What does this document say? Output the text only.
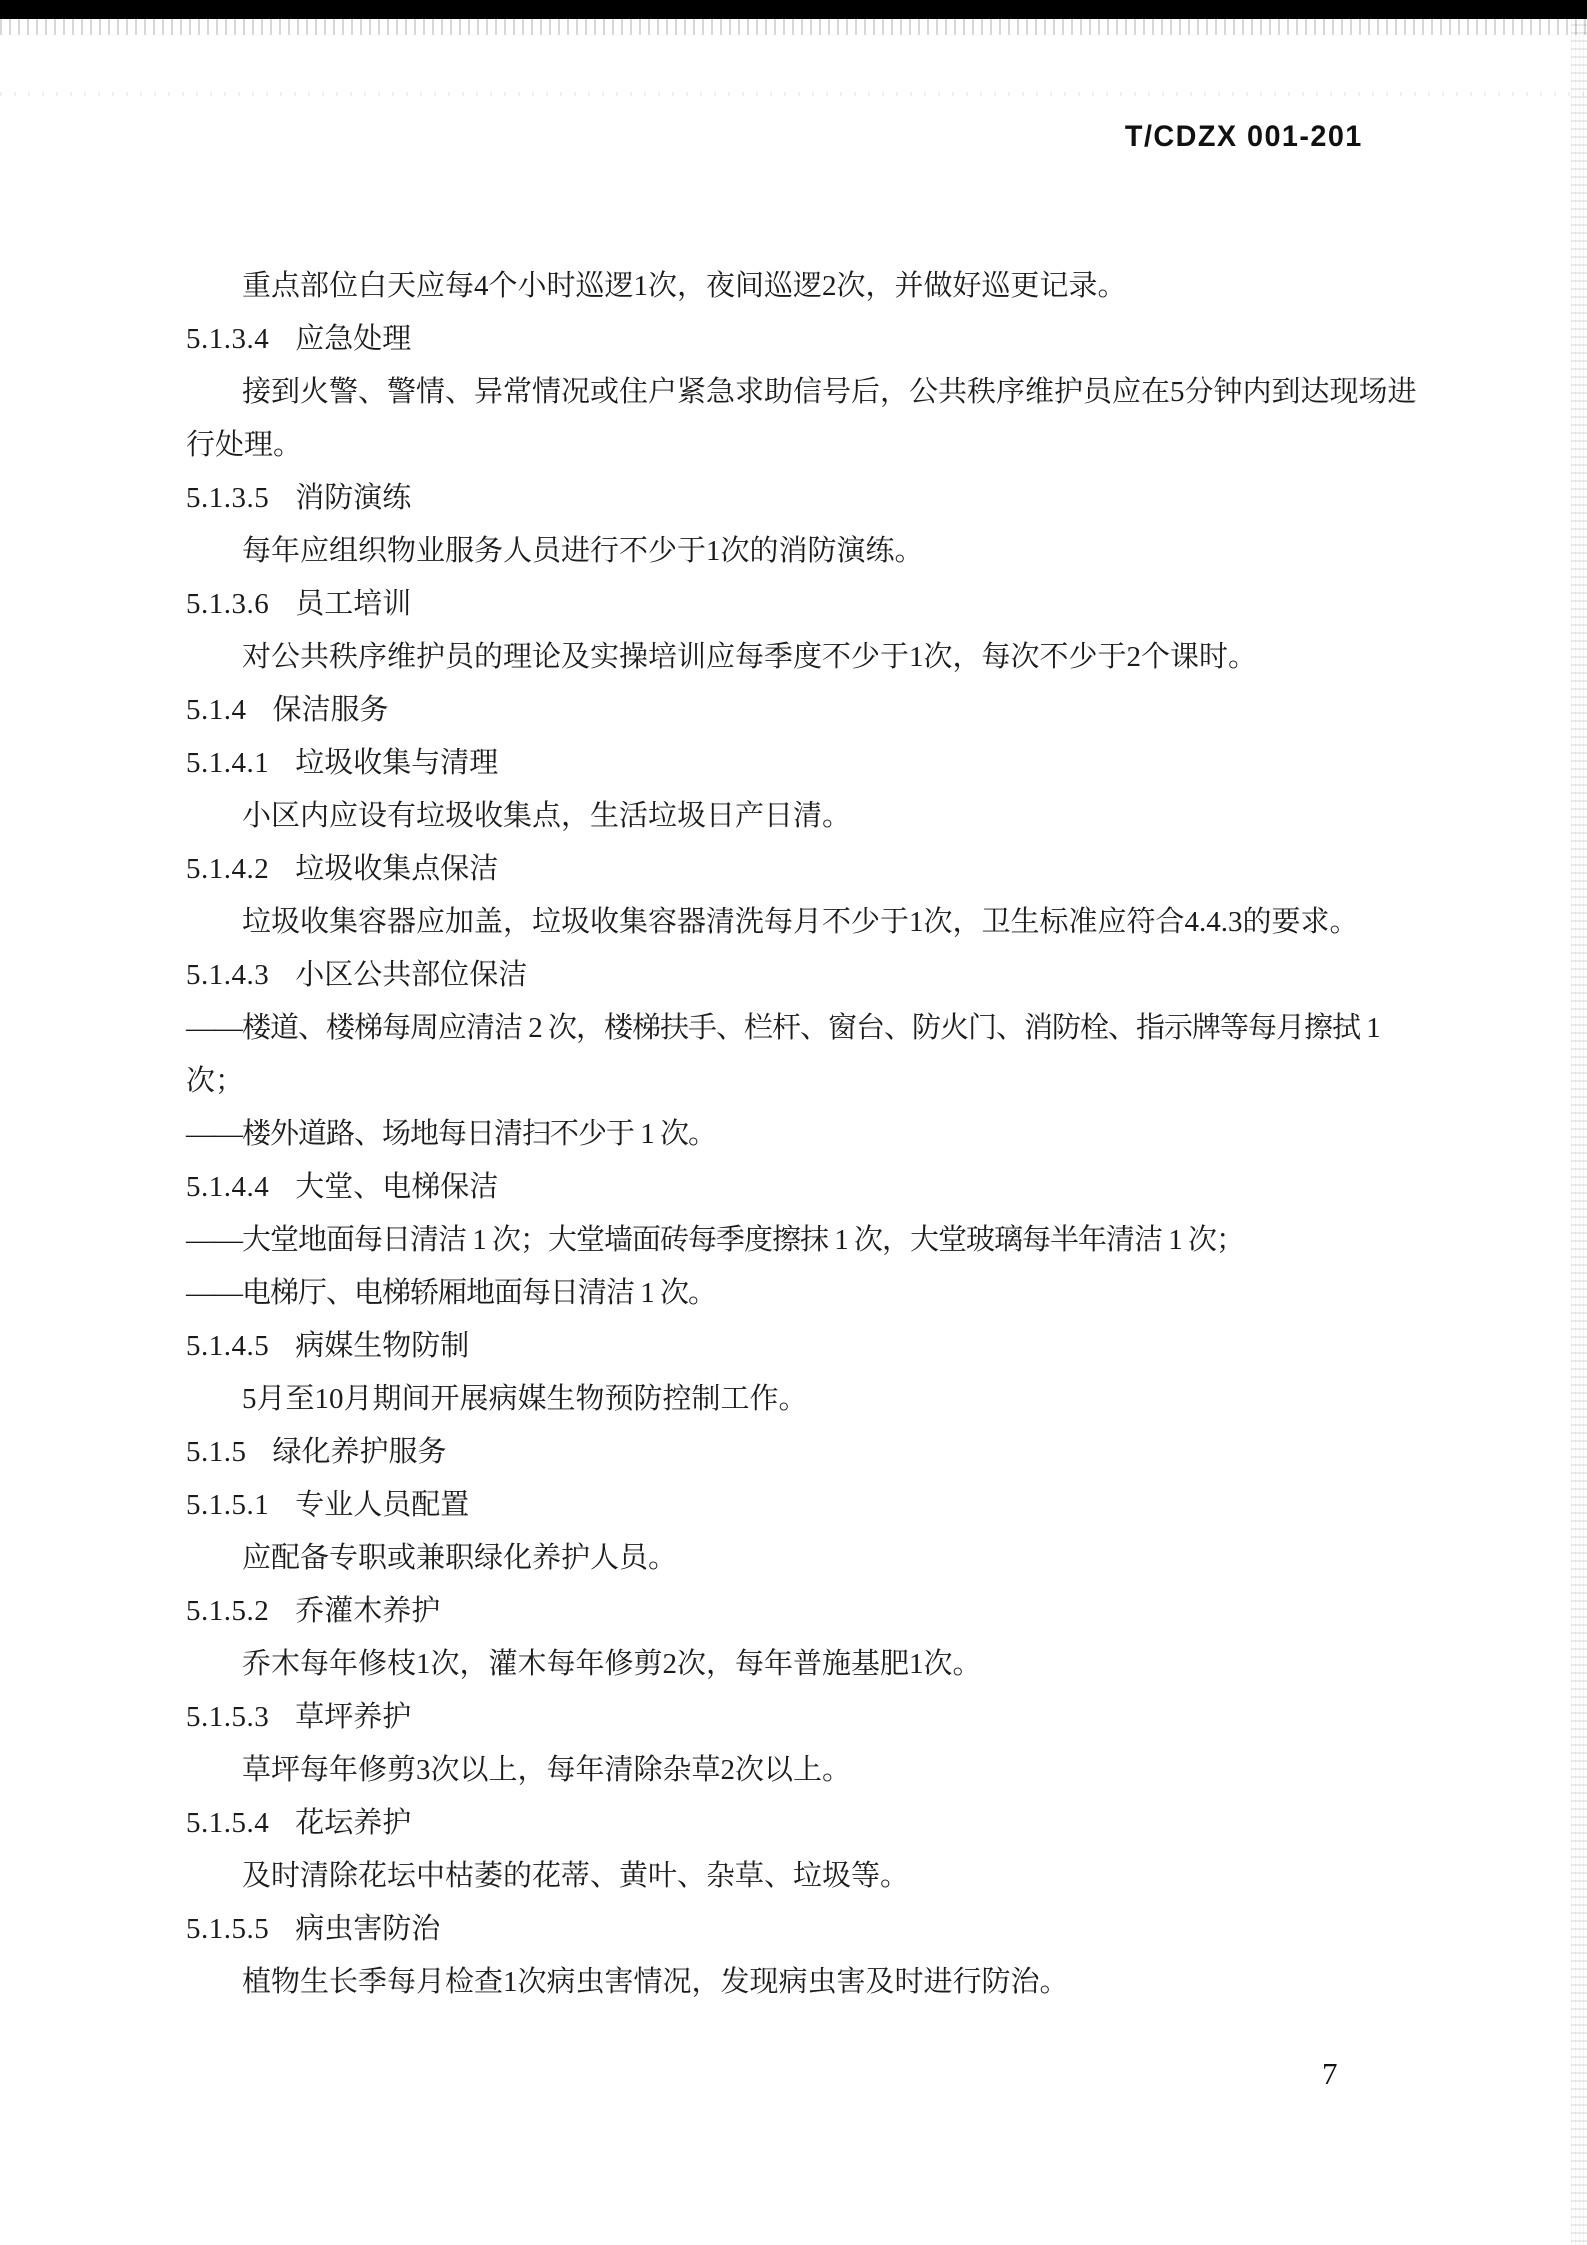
T/CDZX 001-201
重点部位白天应每4个小时巡逻1次，夜间巡逻2次，并做好巡更记录。
5.1.3.4 应急处理
接到火警、警情、异常情况或住户紧急求助信号后，公共秩序维护员应在5分钟内到达现场进
行处理。
5.1.3.5 消防演练
每年应组织物业服务人员进行不少于1次的消防演练。
5.1.3.6 员工培训
对公共秩序维护员的理论及实操培训应每季度不少于1次，每次不少于2个课时。
5.1.4 保洁服务
5.1.4.1 垃圾收集与清理
小区内应设有垃圾收集点，生活垃圾日产日清。
5.1.4.2 垃圾收集点保洁
垃圾收集容器应加盖，垃圾收集容器清洗每月不少于1次，卫生标准应符合4.4.3的要求。
5.1.4.3 小区公共部位保洁
——楼道、楼梯每周应清洁 2 次，楼梯扶手、栏杆、窗台、防火门、消防栓、指示牌等每月擦拭 1
次；
——楼外道路、场地每日清扫不少于 1 次。
5.1.4.4 大堂、电梯保洁
——大堂地面每日清洁 1 次；大堂墙面砖每季度擦抹 1 次，大堂玻璃每半年清洁 1 次；
——电梯厅、电梯轿厢地面每日清洁 1 次。
5.1.4.5 病媒生物防制
5月至10月期间开展病媒生物预防控制工作。
5.1.5 绿化养护服务
5.1.5.1 专业人员配置
应配备专职或兼职绿化养护人员。
5.1.5.2 乔灌木养护
乔木每年修枝1次，灌木每年修剪2次，每年普施基肥1次。
5.1.5.3 草坪养护
草坪每年修剪3次以上，每年清除杂草2次以上。
5.1.5.4 花坛养护
及时清除花坛中枯萎的花蒂、黄叶、杂草、垃圾等。
5.1.5.5 病虫害防治
植物生长季每月检查1次病虫害情况，发现病虫害及时进行防治。
7
